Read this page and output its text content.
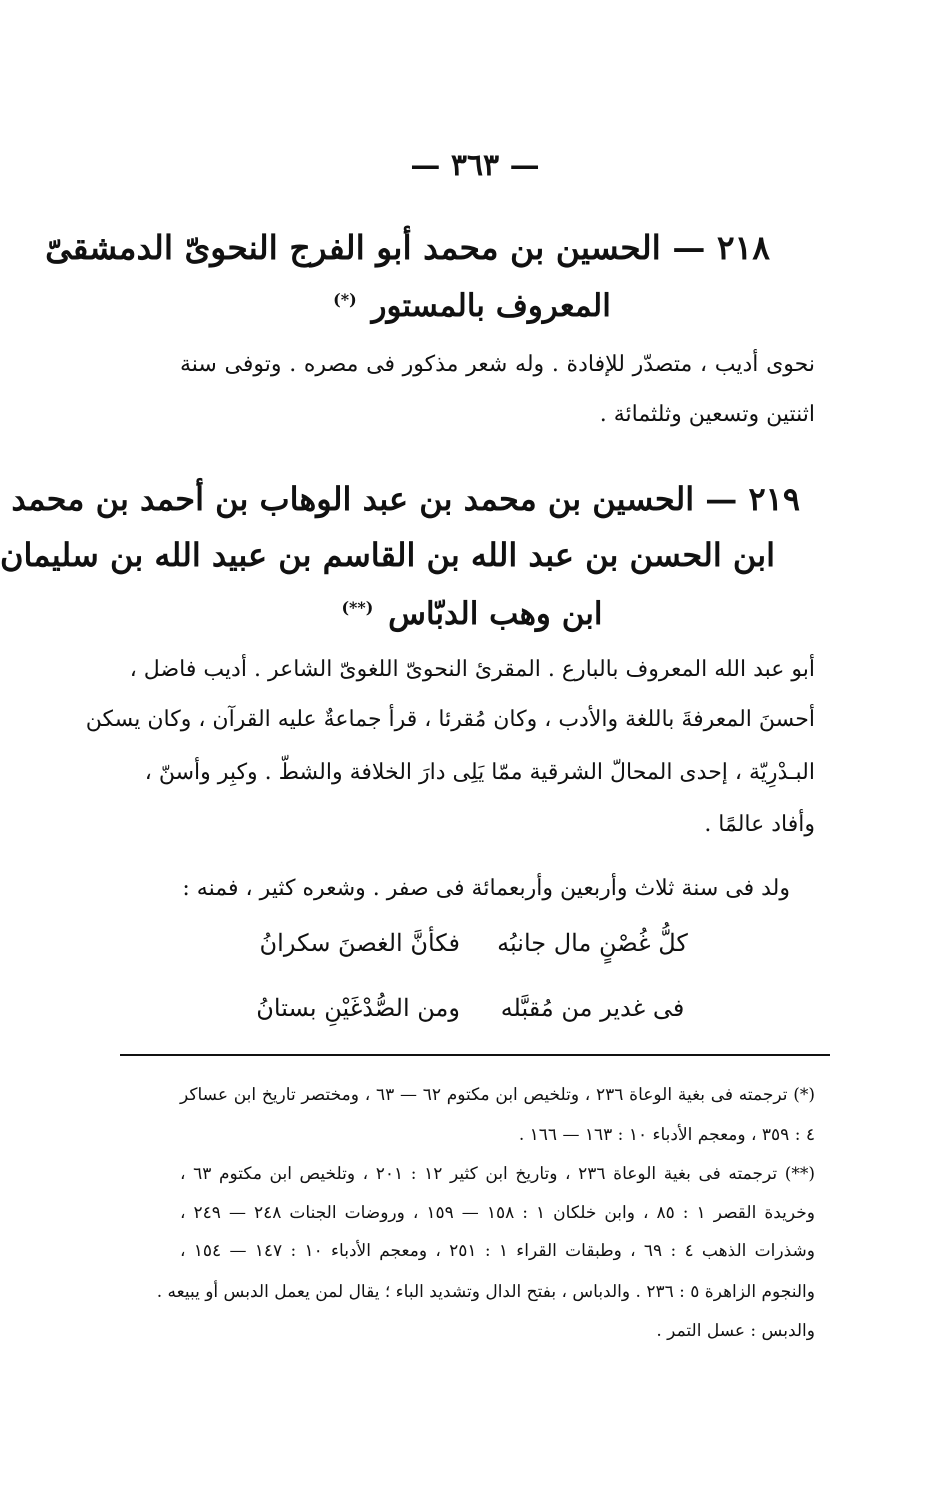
— ٣٦٣ —
٢١٨ — الحسين بن محمد أبو الفرج النحوىّ الدمشقىّ
المعروف بالمستور (*)
نحوى أديب ، متصدّر للإفادة . وله شعر مذكور فى مصره . وتوفى سنة
اثنتين وتسعين وثلثمائة .
٢١٩ — الحسين بن محمد بن عبد الوهاب بن أحمد بن محمد
ابن الحسن بن عبد الله بن القاسم بن عبيد الله بن سليمان
ابن وهب الدبّاس (**)
أبو عبد الله المعروف بالبارع . المقرئ النحوىّ اللغوىّ الشاعر . أديب فاضل ،
أحسنَ المعرفةَ باللغة والأدب ، وكان مُقرئا ، قرأ جماعةٌ عليه القرآن ، وكان يسكن
البـدْرِيّة ، إحدى المحالّ الشرقية ممّا يَلِى دارَ الخلافة والشطّ . وكبِر وأسنّ ،
وأفاد عالمًا .
ولد فى سنة ثلاث وأربعين وأربعمائة فى صفر . وشعره كثير ، فمنه :
كلُّ غُصْنٍ مال جانبُه
فكأنَّ الغصنَ سكرانُ
فى غدير من مُقبَّله
ومن الصُّدْغَيْنِ بستانُ
(*) ترجمته فى بغية الوعاة ٢٣٦ ، وتلخيص ابن مكتوم ٦٢ — ٦٣ ، ومختصر تاريخ ابن عساكر
٤ : ٣٥٩ ، ومعجم الأدباء ١٠ : ١٦٣ — ١٦٦ .
(**) ترجمته فى بغية الوعاة ٢٣٦ ، وتاريخ ابن كثير ١٢ : ٢٠١ ، وتلخيص ابن مكتوم ٦٣ ،
وخريدة القصر ١ : ٨٥ ، وابن خلكان ١ : ١٥٨ — ١٥٩ ، وروضات الجنات ٢٤٨ — ٢٤٩ ،
وشذرات الذهب ٤ : ٦٩ ، وطبقات القراء ١ : ٢٥١ ، ومعجم الأدباء ١٠ : ١٤٧ — ١٥٤ ،
والنجوم الزاهرة ٥ : ٢٣٦ . والدباس ، بفتح الدال وتشديد الباء ؛ يقال لمن يعمل الدبس أو يبيعه .
والدبس : عسل التمر .
